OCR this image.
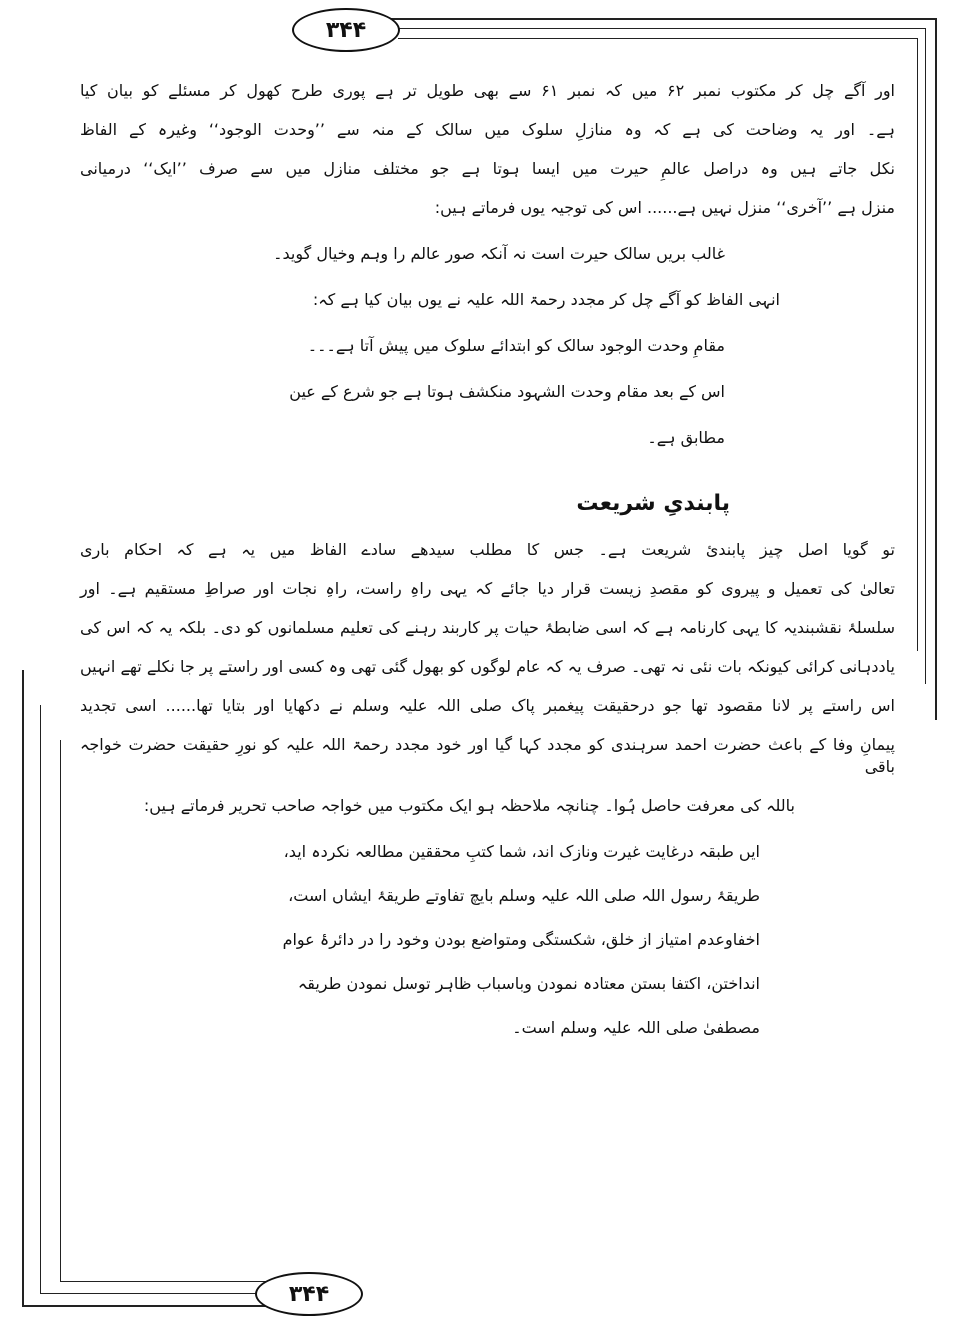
۳۴۴
۳۴۴
اور آگے چل کر مکتوب نمبر ۶۲ میں کہ نمبر ۶۱ سے بھی طویل تر ہے پوری طرح کھول کر مسئلے کو بیان کیا
ہے۔ اور یہ وضاحت کی ہے کہ وہ منازلِ سلوک میں سالک کے منہ سے ’’وحدت الوجود‘‘ وغیرہ کے الفاظ
نکل جاتے ہیں وہ دراصل عالمِ حیرت میں ایسا ہوتا ہے جو مختلف منازل میں سے صرف ’’ایک‘‘ درمیانی
منزل ہے ’’آخری‘‘ منزل نہیں ہے...... اس کی توجیہ یوں فرماتے ہیں:
غالب بریں سالک حیرت است نہ آنکہ صور عالم را وہم وخیال گوید۔
انہی الفاظ کو آگے چل کر مجدد رحمۃ اللہ علیہ نے یوں بیان کیا ہے کہ:
مقامِ وحدت الوجود سالک کو ابتدائے سلوک میں پیش آتا ہے۔۔۔
اس کے بعد مقام وحدت الشہود منکشف ہوتا ہے جو شرع کے عین
مطابق ہے۔
پابندیِ شریعت
تو گویا اصل چیز پابندیٔ شریعت ہے۔ جس کا مطلب سیدھے سادے الفاظ میں یہ ہے کہ احکام باری
تعالیٰ کی تعمیل و پیروی کو مقصدِ زیست قرار دیا جائے کہ یہی راہِ راست، راہِ نجات اور صراطِ مستقیم ہے۔ اور
سلسلۂ نقشبندیہ کا یہی کارنامہ ہے کہ اسی ضابطۂ حیات پر کاربند رہنے کی تعلیم مسلمانوں کو دی۔ بلکہ یہ کہ اس کی
یاددہانی کرائی کیونکہ بات نئی نہ تھی۔ صرف یہ کہ عام لوگوں کو بھول گئی تھی وہ کسی اور راستے پر جا نکلے تھے انہیں
اس راستے پر لانا مقصود تھا جو درحقیقت پیغمبر پاک صلی اللہ علیہ وسلم نے دکھایا اور بتایا تھا...... اسی تجدید
پیمانِ وفا کے باعث حضرت احمد سرہندی کو مجدد کہا گیا اور خود مجدد رحمۃ اللہ علیہ کو نورِ حقیقت حضرت خواجہ باقی
باللہ کی معرفت حاصل ہُوا۔ چنانچہ ملاحظہ ہو ایک مکتوب میں خواجہ صاحب تحریر فرماتے ہیں:
ایں طبقہ درغایت غیرت ونازک اند، شما کتبِ محققین مطالعہ نکردہ اید،
طریقۂ رسول اللہ صلی اللہ علیہ وسلم بایچ تفاوتے طریقۂ ایشاں است،
اخفاوعدم امتیاز از خلق، شکستگی ومتواضع بودن وخود را در دائرۂ عوام
انداختن، اکتفا بستن معتادہ نمودن وباسباب ظاہر توسل نمودن طریقہ
مصطفیٰ صلی اللہ علیہ وسلم است۔
